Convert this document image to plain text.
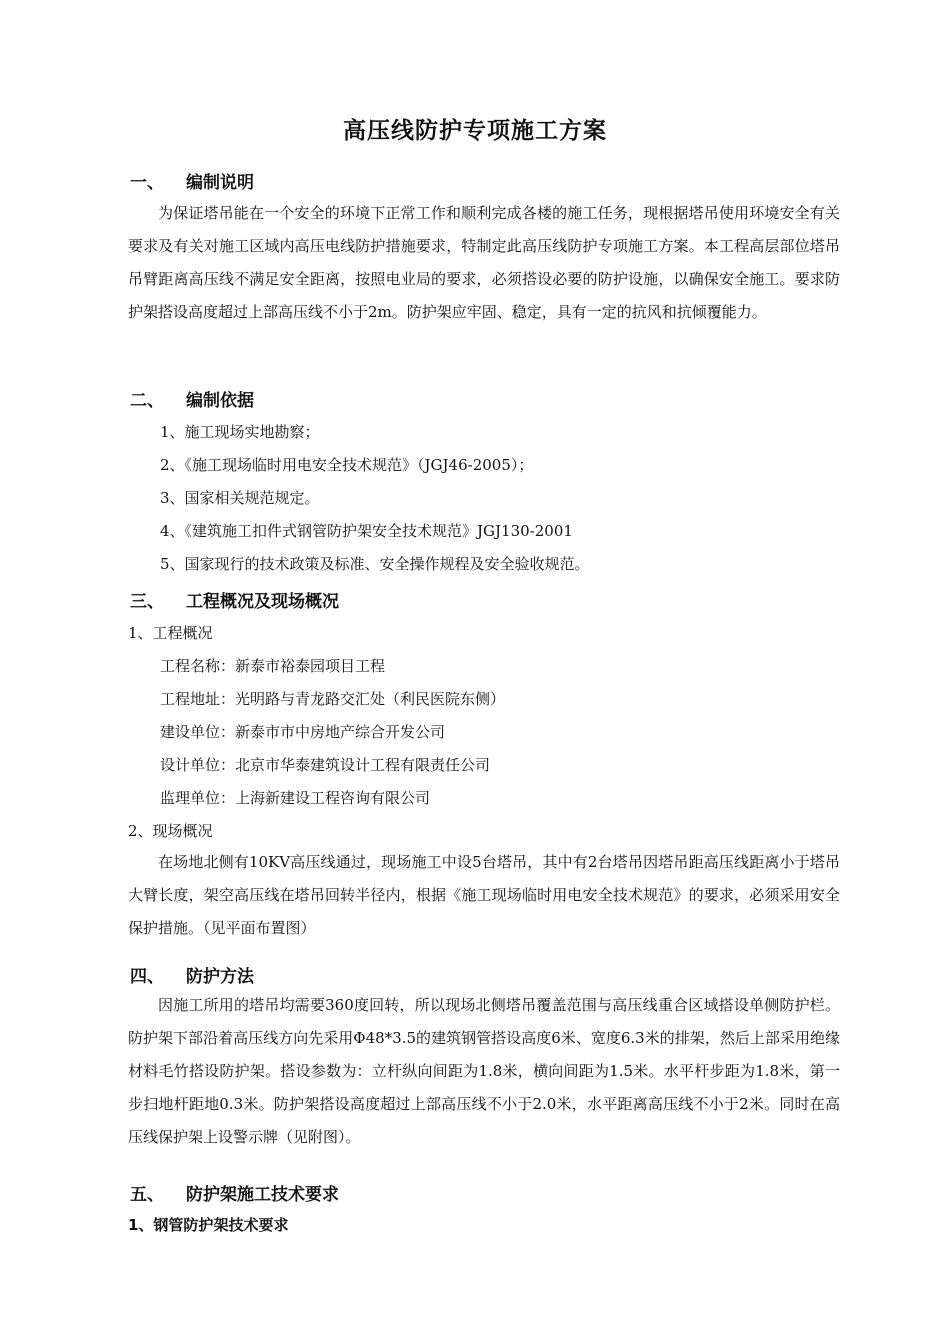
高压线防护专项施工方案
一、 编制说明

为保证塔吊能在一个安全的环境下正常工作和顺利完成各楼的施工任务，现根据塔吊使用环境安全有关要求及有关对施工区域内高压电线防护措施要求，特制定此高压线防护专项施工方案。本工程高层部位塔吊吊臂距离高压线不满足安全距离，按照电业局的要求，必须搭设必要的防护设施，以确保安全施工。要求防护架搭设高度超过上部高压线不小于2m。防护架应牢固、稳定，具有一定的抗风和抗倾覆能力。

二、 编制依据
1、施工现场实地勘察；
2、《施工现场临时用电安全技术规范》（JGJ46-2005）；
3、国家相关规范规定。
4、《建筑施工扣件式钢管防护架安全技术规范》JGJ130-2001
5、国家现行的技术政策及标准、安全操作规程及安全验收规范。
三、 工程概况及现场概况
1、工程概况
工程名称：新泰市裕泰园项目工程
工程地址：光明路与青龙路交汇处（利民医院东侧）
建设单位：新泰市市中房地产综合开发公司
设计单位：北京市华泰建筑设计工程有限责任公司
监理单位：上海新建设工程咨询有限公司
2、现场概况

在场地北侧有10KV高压线通过，现场施工中设5台塔吊，其中有2台塔吊因塔吊距高压线距离小于塔吊大臂长度，架空高压线在塔吊回转半径内，根据《施工现场临时用电安全技术规范》的要求，必须采用安全保护措施。（见平面布置图）

四、 防护方法

因施工所用的塔吊均需要360度回转，所以现场北侧塔吊覆盖范围与高压线重合区域搭设单侧防护栏。防护架下部沿着高压线方向先采用Φ48*3.5的建筑钢管搭设高度6米、宽度6.3米的排架，然后上部采用绝缘材料毛竹搭设防护架。搭设参数为：立杆纵向间距为1.8米，横向间距为1.5米。水平杆步距为1.8米，第一步扫地杆距地0.3米。防护架搭设高度超过上部高压线不小于2.0米，水平距离高压线不小于2米。同时在高压线保护架上设警示牌（见附图）。

五、 防护架施工技术要求
1、钢管防护架技术要求
